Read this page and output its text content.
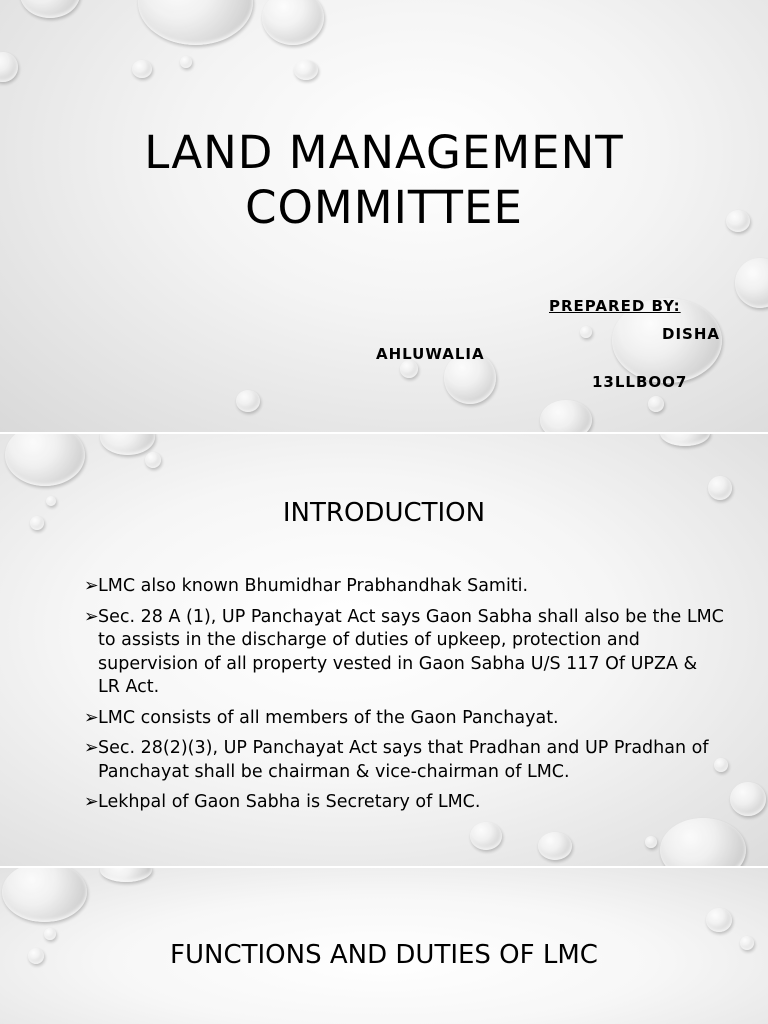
LAND MANAGEMENT
COMMITTEE
PREPARED BY:
DISHA
AHLUWALIA
13LLBOO7
INTRODUCTION
➢ LMC also known Bhumidhar Prabhandhak Samiti.
➢ Sec. 28 A (1), UP Panchayat Act says Gaon Sabha shall also be the LMC to assists in the discharge of duties of upkeep, protection and supervision of all property vested in Gaon Sabha U/S 117 Of UPZA & LR Act.
➢ LMC consists of all members of the Gaon Panchayat.
➢ Sec. 28(2)(3), UP Panchayat Act says that Pradhan and UP Pradhan of Panchayat shall be chairman & vice-chairman of LMC.
➢ Lekhpal of Gaon Sabha is Secretary of LMC.
FUNCTIONS AND DUTIES OF LMC
